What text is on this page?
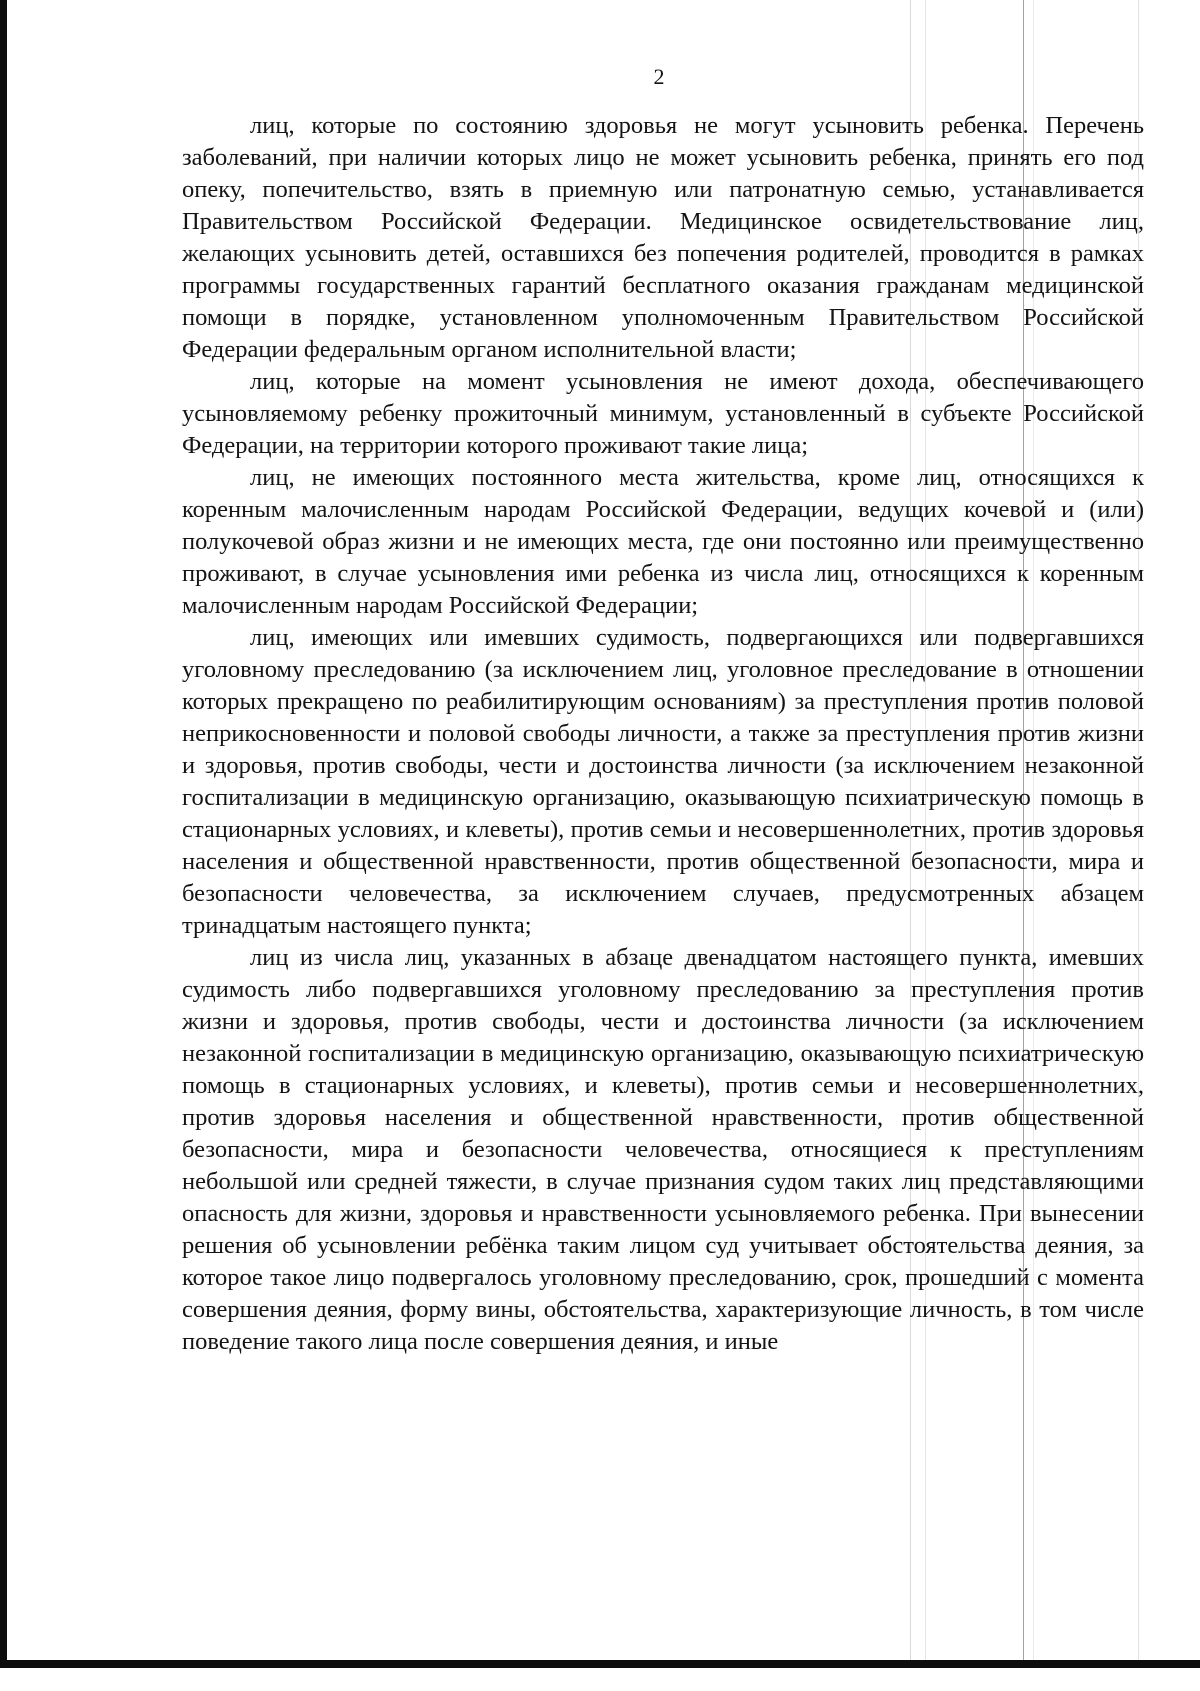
2

лиц, которые по состоянию здоровья не могут усыновить ребенка. Перечень заболеваний, при наличии которых лицо не может усыновить ребенка, принять его под опеку, попечительство, взять в приемную или патронатную семью, устанавливается Правительством Российской Федерации. Медицинское освидетельствование лиц, желающих усыновить детей, оставшихся без попечения родителей, проводится в рамках программы государственных гарантий бесплатного оказания гражданам медицинской помощи в порядке, установленном уполномоченным Правительством Российской Федерации федеральным органом исполнительной власти;

лиц, которые на момент усыновления не имеют дохода, обеспечивающего усыновляемому ребенку прожиточный минимум, установленный в субъекте Российской Федерации, на территории которого проживают такие лица;

лиц, не имеющих постоянного места жительства, кроме лиц, относящихся к коренным малочисленным народам Российской Федерации, ведущих кочевой и (или) полукочевой образ жизни и не имеющих места, где они постоянно или преимущественно проживают, в случае усыновления ими ребенка из числа лиц, относящихся к коренным малочисленным народам Российской Федерации;

лиц, имеющих или имевших судимость, подвергающихся или подвергавшихся уголовному преследованию (за исключением лиц, уголовное преследование в отношении которых прекращено по реабилитирующим основаниям) за преступления против половой неприкосновенности и половой свободы личности, а также за преступления против жизни и здоровья, против свободы, чести и достоинства личности (за исключением незаконной госпитализации в медицинскую организацию, оказывающую психиатрическую помощь в стационарных условиях, и клеветы), против семьи и несовершеннолетних, против здоровья населения и общественной нравственности, против общественной безопасности, мира и безопасности человечества, за исключением случаев, предусмотренных абзацем тринадцатым настоящего пункта;

лиц из числа лиц, указанных в абзаце двенадцатом настоящего пункта, имевших судимость либо подвергавшихся уголовному преследованию за преступления против жизни и здоровья, против свободы, чести и достоинства личности (за исключением незаконной госпитализации в медицинскую организацию, оказывающую психиатрическую помощь в стационарных условиях, и клеветы), против семьи и несовершеннолетних, против здоровья населения и общественной нравственности, против общественной безопасности, мира и безопасности человечества, относящиеся к преступлениям небольшой или средней тяжести, в случае признания судом таких лиц представляющими опасность для жизни, здоровья и нравственности усыновляемого ребенка. При вынесении решения об усыновлении ребёнка таким лицом суд учитывает обстоятельства деяния, за которое такое лицо подвергалось уголовному преследованию, срок, прошедший с момента совершения деяния, форму вины, обстоятельства, характеризующие личность, в том числе поведение такого лица после совершения деяния, и иные
